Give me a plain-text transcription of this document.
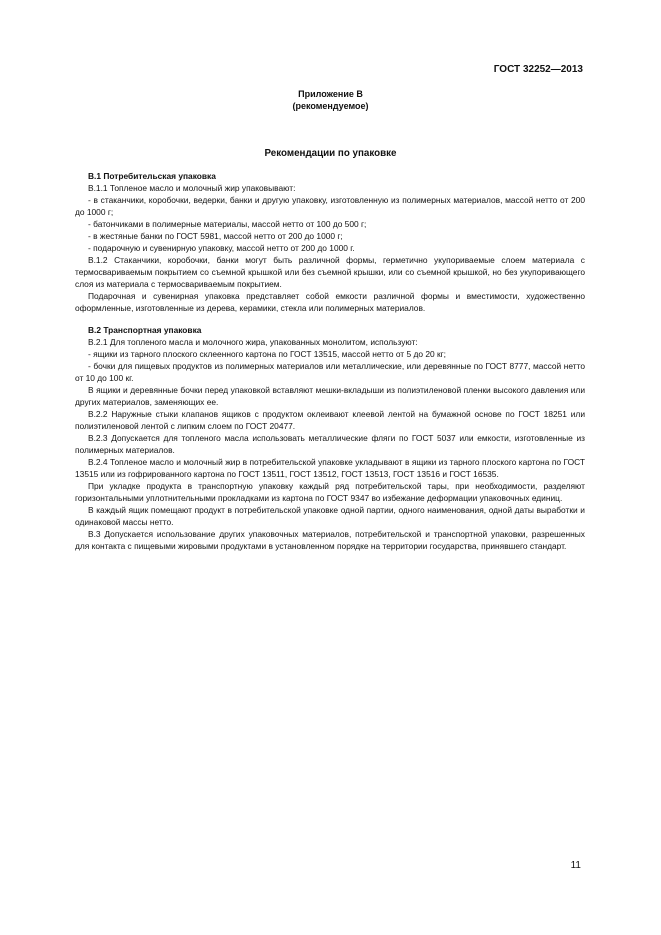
ГОСТ 32252—2013
Приложение В
(рекомендуемое)
Рекомендации по упаковке

В.1 Потребительская упаковка

В.1.1 Топленое масло и молочный жир упаковывают:

- в стаканчики, коробочки, ведерки, банки и другую упаковку, изготовленную из полимерных материалов, массой нетто от 200 до 1000 г;

- батончиками в полимерные материалы, массой нетто от 100 до 500 г;

- в жестяные банки по ГОСТ 5981, массой нетто от 200 до 1000 г;

- подарочную и сувенирную упаковку, массой нетто от 200 до 1000 г.

В.1.2 Стаканчики, коробочки, банки могут быть различной формы, герметично укупориваемые слоем материала с термосвариваемым покрытием со съемной крышкой или без съемной крышки, или со съемной крышкой, но без укупоривающего слоя из материала с термосвариваемым покрытием.

Подарочная и сувенирная упаковка представляет собой емкости различной формы и вместимости, художественно оформленные, изготовленные из дерева, керамики, стекла или полимерных материалов.

В.2 Транспортная упаковка

В.2.1 Для топленого масла и молочного жира, упакованных монолитом, используют:

- ящики из тарного плоского склеенного картона по ГОСТ 13515, массой нетто от 5 до 20 кг;

- бочки для пищевых продуктов из полимерных материалов или металлические, или деревянные по ГОСТ 8777, массой нетто от 10 до 100 кг.

В ящики и деревянные бочки перед упаковкой вставляют мешки-вкладыши из полиэтиленовой пленки высокого давления или других материалов, заменяющих ее.

В.2.2 Наружные стыки клапанов ящиков с продуктом оклеивают клеевой лентой на бумажной основе по ГОСТ 18251 или полиэтиленовой лентой с липким слоем по ГОСТ 20477.

В.2.3 Допускается для топленого масла использовать металлические фляги по ГОСТ 5037 или емкости, изготовленные из полимерных материалов.

В.2.4 Топленое масло и молочный жир в потребительской упаковке укладывают в ящики из тарного плоского картона по ГОСТ 13515 или из гофрированного картона по ГОСТ 13511, ГОСТ 13512, ГОСТ 13513, ГОСТ 13516 и ГОСТ 16535.

При укладке продукта в транспортную упаковку каждый ряд потребительской тары, при необходимости, разделяют горизонтальными уплотнительными прокладками из картона по ГОСТ 9347 во избежание деформации упаковочных единиц.

В каждый ящик помещают продукт в потребительской упаковке одной партии, одного наименования, одной даты выработки и одинаковой массы нетто.

В.3 Допускается использование других упаковочных материалов, потребительской и транспортной упаковки, разрешенных для контакта с пищевыми жировыми продуктами в установленном порядке на территории государства, принявшего стандарт.

11
